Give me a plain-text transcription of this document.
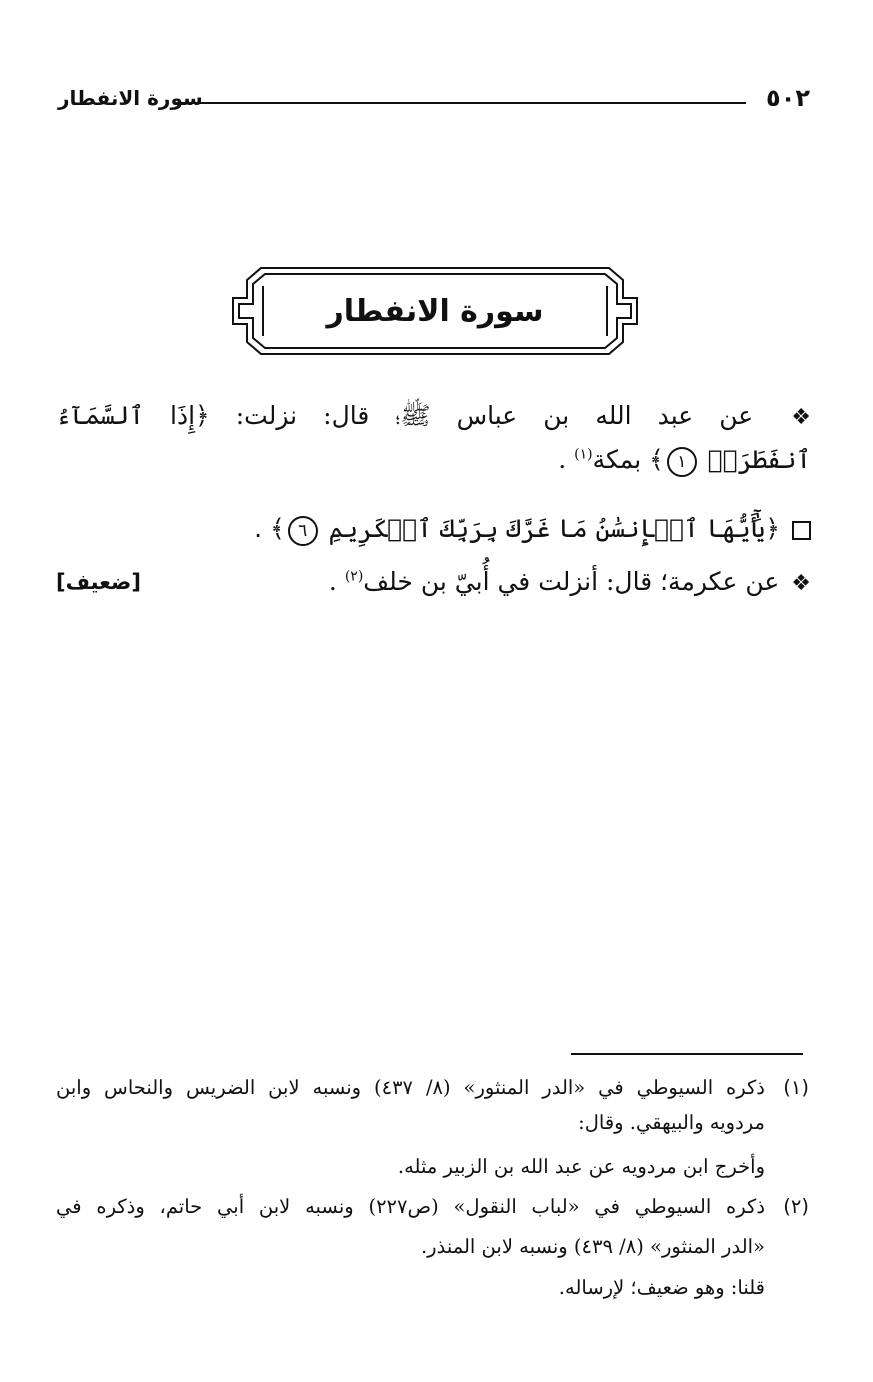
٥٠٢
سورة الانفطار
سورة الانفطار
❖
عن
عبد
الله
بن
عباس
ﷺ؛
قال:
نزلت:
﴿إِذَا
ٱلسَّمَآءُ
ٱنفَطَرَتۡ ١﴾ بمكة$^{(١)}$ .
﴿يَٰٓأَيُّهَا ٱلۡإِنسَٰنُ مَا غَرَّكَ بِرَبِّكَ ٱلۡكَرِيمِ ٦﴾ .
❖عن عكرمة؛ قال: أنزلت في أُبيّ بن خلف$^{(٢)}$ .
[ضعيف]
(١)
ذكره السيوطي في «الدر المنثور» (٨/ ٤٣٧) ونسبه لابن الضريس والنحاس وابن
مردويه والبيهقي. وقال:
وأخرج ابن مردويه عن عبد الله بن الزبير مثله.
(٢)
ذكره السيوطي في «لباب النقول» (ص٢٢٧) ونسبه لابن أبي حاتم، وذكره في
«الدر المنثور» (٨/ ٤٣٩) ونسبه لابن المنذر.
قلنا: وهو ضعيف؛ لإرساله.
